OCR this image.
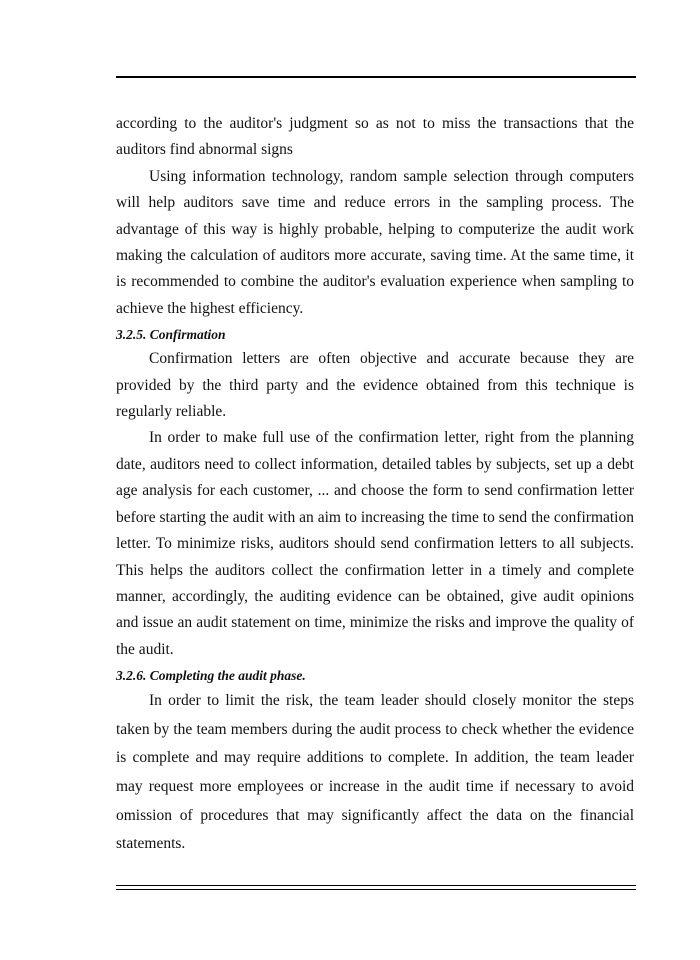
according to the auditor's judgment so as not to miss the transactions that the auditors find abnormal signs

Using information technology, random sample selection through computers will help auditors save time and reduce errors in the sampling process. The advantage of this way is highly probable, helping to computerize the audit work making the calculation of auditors more accurate, saving time. At the same time, it is recommended to combine the auditor's evaluation experience when sampling to achieve the highest efficiency.

3.2.5. Confirmation

Confirmation letters are often objective and accurate because they are provided by the third party and the evidence obtained from this technique is regularly reliable.

In order to make full use of the confirmation letter, right from the planning date, auditors need to collect information, detailed tables by subjects, set up a debt age analysis for each customer, ... and choose the form to send confirmation letter before starting the audit with an aim to increasing the time to send the confirmation letter. To minimize risks, auditors should send confirmation letters to all subjects. This helps the auditors collect the confirmation letter in a timely and complete manner, accordingly, the auditing evidence can be obtained, give audit opinions and issue an audit statement on time, minimize the risks and improve the quality of the audit.

3.2.6. Completing the audit phase.

In order to limit the risk, the team leader should closely monitor the steps taken by the team members during the audit process to check whether the evidence is complete and may require additions to complete. In addition, the team leader may request more employees or increase in the audit time if necessary to avoid omission of procedures that may significantly affect the data on the financial statements.
